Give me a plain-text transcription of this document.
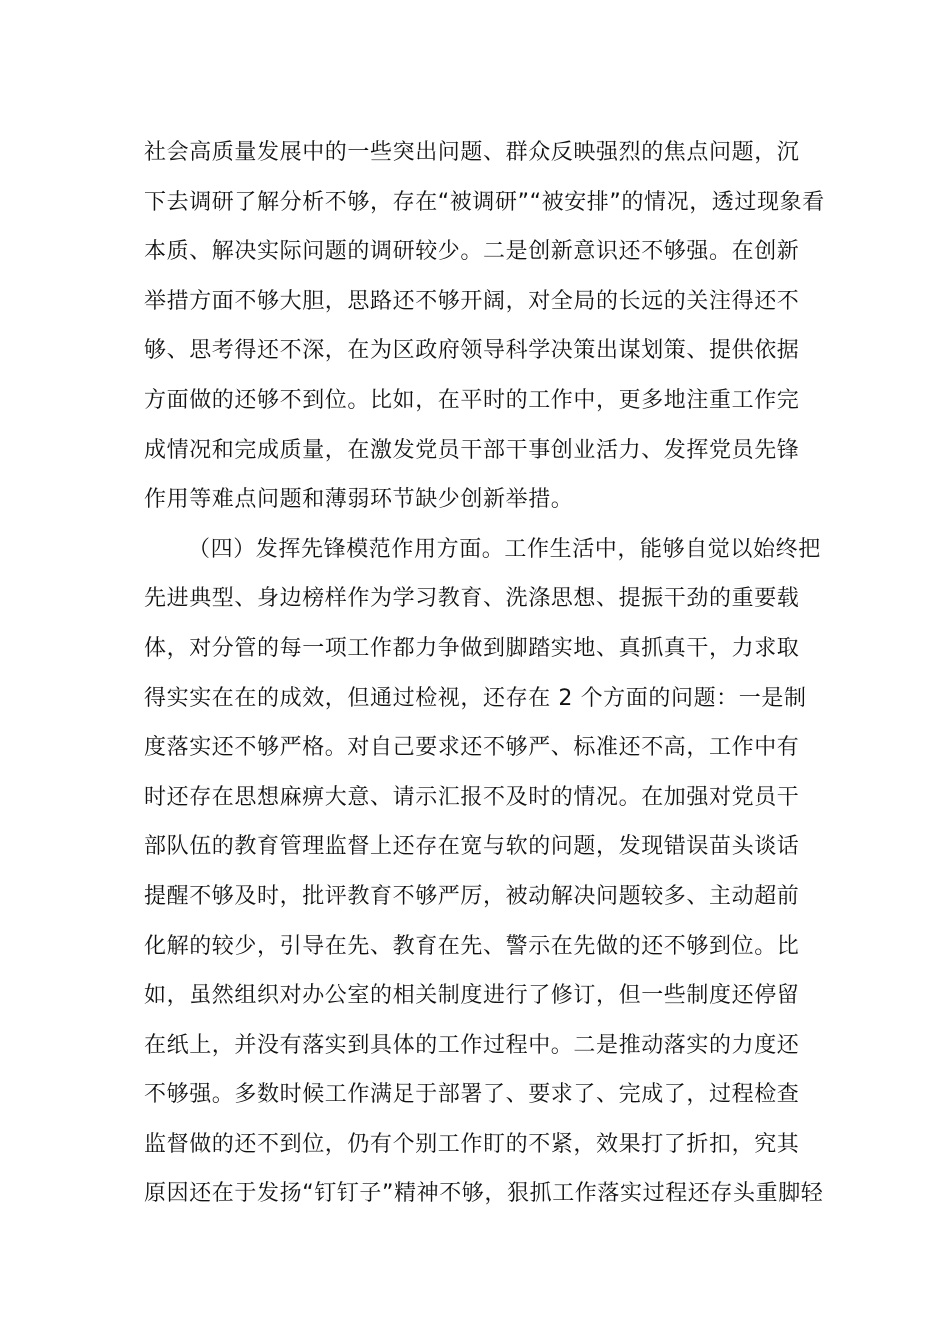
社会高质量发展中的一些突出问题、群众反映强烈的焦点问题，沉
下去调研了解分析不够，存在“被调研”“被安排”的情况，透过现象看
本质、解决实际问题的调研较少。二是创新意识还不够强。在创新
举措方面不够大胆，思路还不够开阔，对全局的长远的关注得还不
够、思考得还不深，在为区政府领导科学决策出谋划策、提供依据
方面做的还够不到位。比如，在平时的工作中，更多地注重工作完
成情况和完成质量，在激发党员干部干事创业活力、发挥党员先锋
作用等难点问题和薄弱环节缺少创新举措。
（四）发挥先锋模范作用方面。工作生活中，能够自觉以始终把
先进典型、身边榜样作为学习教育、洗涤思想、提振干劲的重要载
体，对分管的每一项工作都力争做到脚踏实地、真抓真干，力求取
得实实在在的成效，但通过检视，还存在 2 个方面的问题：一是制
度落实还不够严格。对自己要求还不够严、标准还不高，工作中有
时还存在思想麻痹大意、请示汇报不及时的情况。在加强对党员干
部队伍的教育管理监督上还存在宽与软的问题，发现错误苗头谈话
提醒不够及时，批评教育不够严厉，被动解决问题较多、主动超前
化解的较少，引导在先、教育在先、警示在先做的还不够到位。比
如，虽然组织对办公室的相关制度进行了修订，但一些制度还停留
在纸上，并没有落实到具体的工作过程中。二是推动落实的力度还
不够强。多数时候工作满足于部署了、要求了、完成了，过程检查
监督做的还不到位，仍有个别工作盯的不紧，效果打了折扣，究其
原因还在于发扬“钉钉子”精神不够，狠抓工作落实过程还存头重脚轻
